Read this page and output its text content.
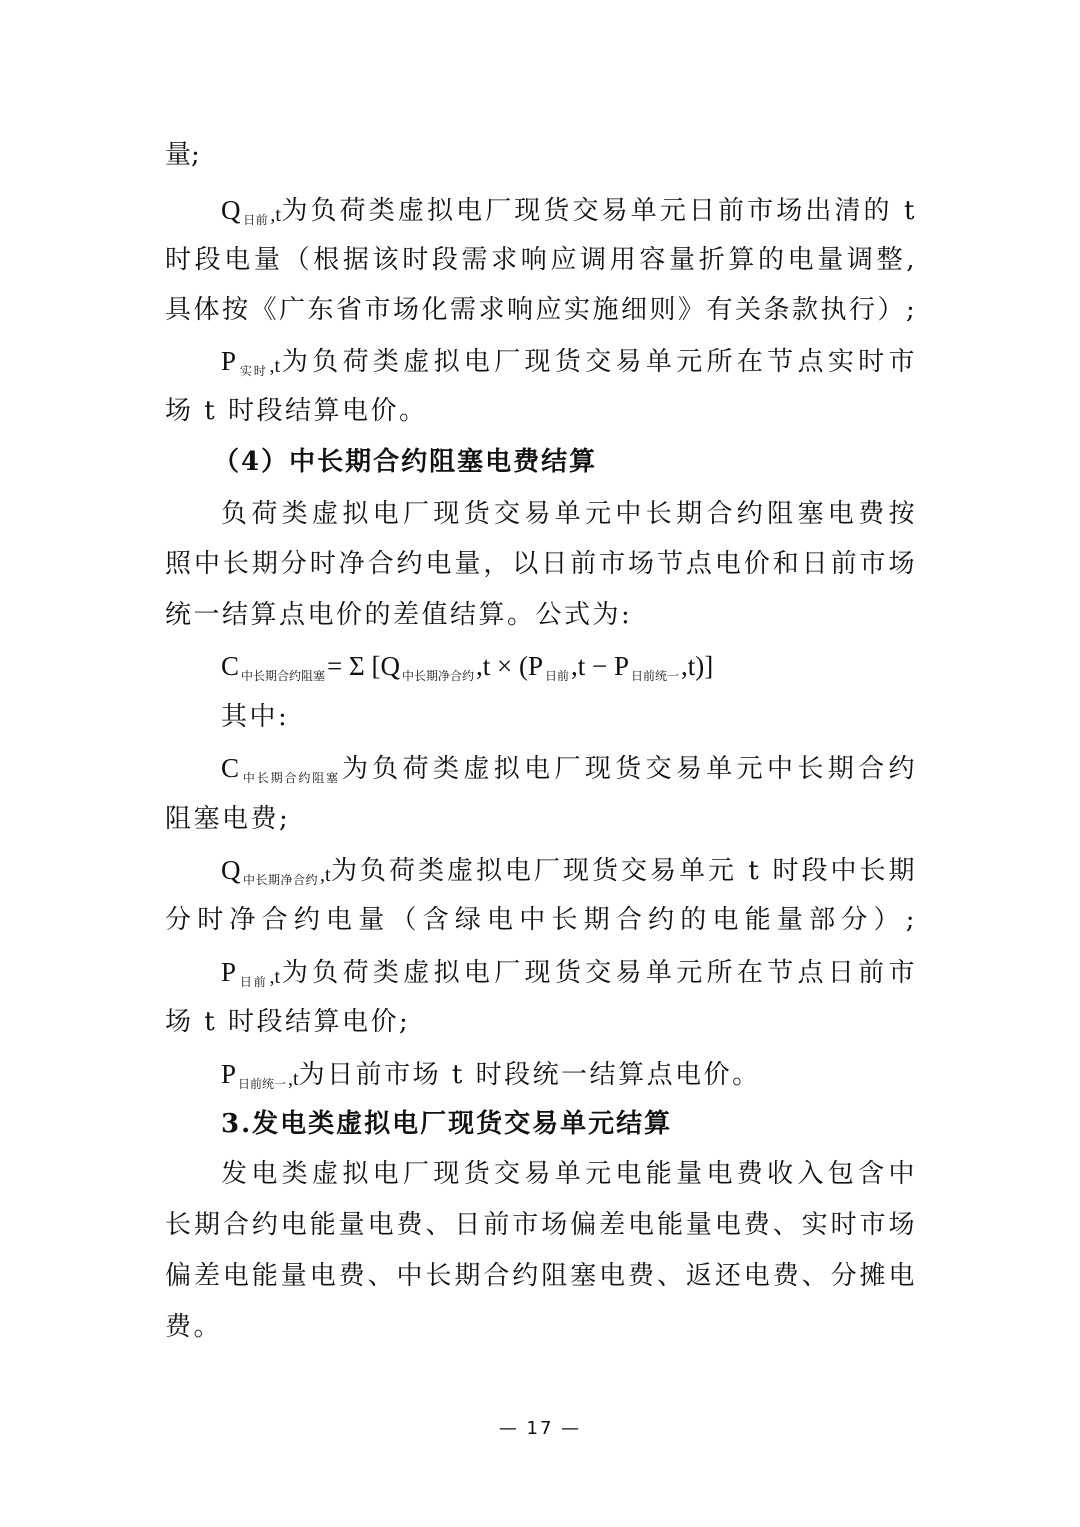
量;
Q日前 ,t为负荷类虚拟电厂现货交易单元日前市场出清的 t
时段电量（根据该时段需求响应调用容量折算的电量调整,
具体按《广东省市场化需求响应实施细则》有关条款执行）;
P实时 ,t为负荷类虚拟电厂现货交易单元所在节点实时市
场 t 时段结算电价。
（4）中长期合约阻塞电费结算
负荷类虚拟电厂现货交易单元中长期合约阻塞电费按
照中长期分时净合约电量，以日前市场节点电价和日前市场
统一结算点电价的差值结算。公式为:
C中长期合约阻塞= Σ [Q 中长期净合约,t × (P 日前,t − P 日前统一,t)]
其中:
C中长期合约阻塞为负荷类虚拟电厂现货交易单元中长期合约
阻塞电费;
Q中长期净合约 ,t为负荷类虚拟电厂现货交易单元 t 时段中长期
分时净合约电量（含绿电中长期合约的电能量部分）;
P日前 ,t为负荷类虚拟电厂现货交易单元所在节点日前市
场 t 时段结算电价;
P日前统一 ,t为日前市场 t 时段统一结算点电价。
3.发电类虚拟电厂现货交易单元结算
发电类虚拟电厂现货交易单元电能量电费收入包含中
长期合约电能量电费、日前市场偏差电能量电费、实时市场
偏差电能量电费、中长期合约阻塞电费、返还电费、分摊电
费。
— 17 —
